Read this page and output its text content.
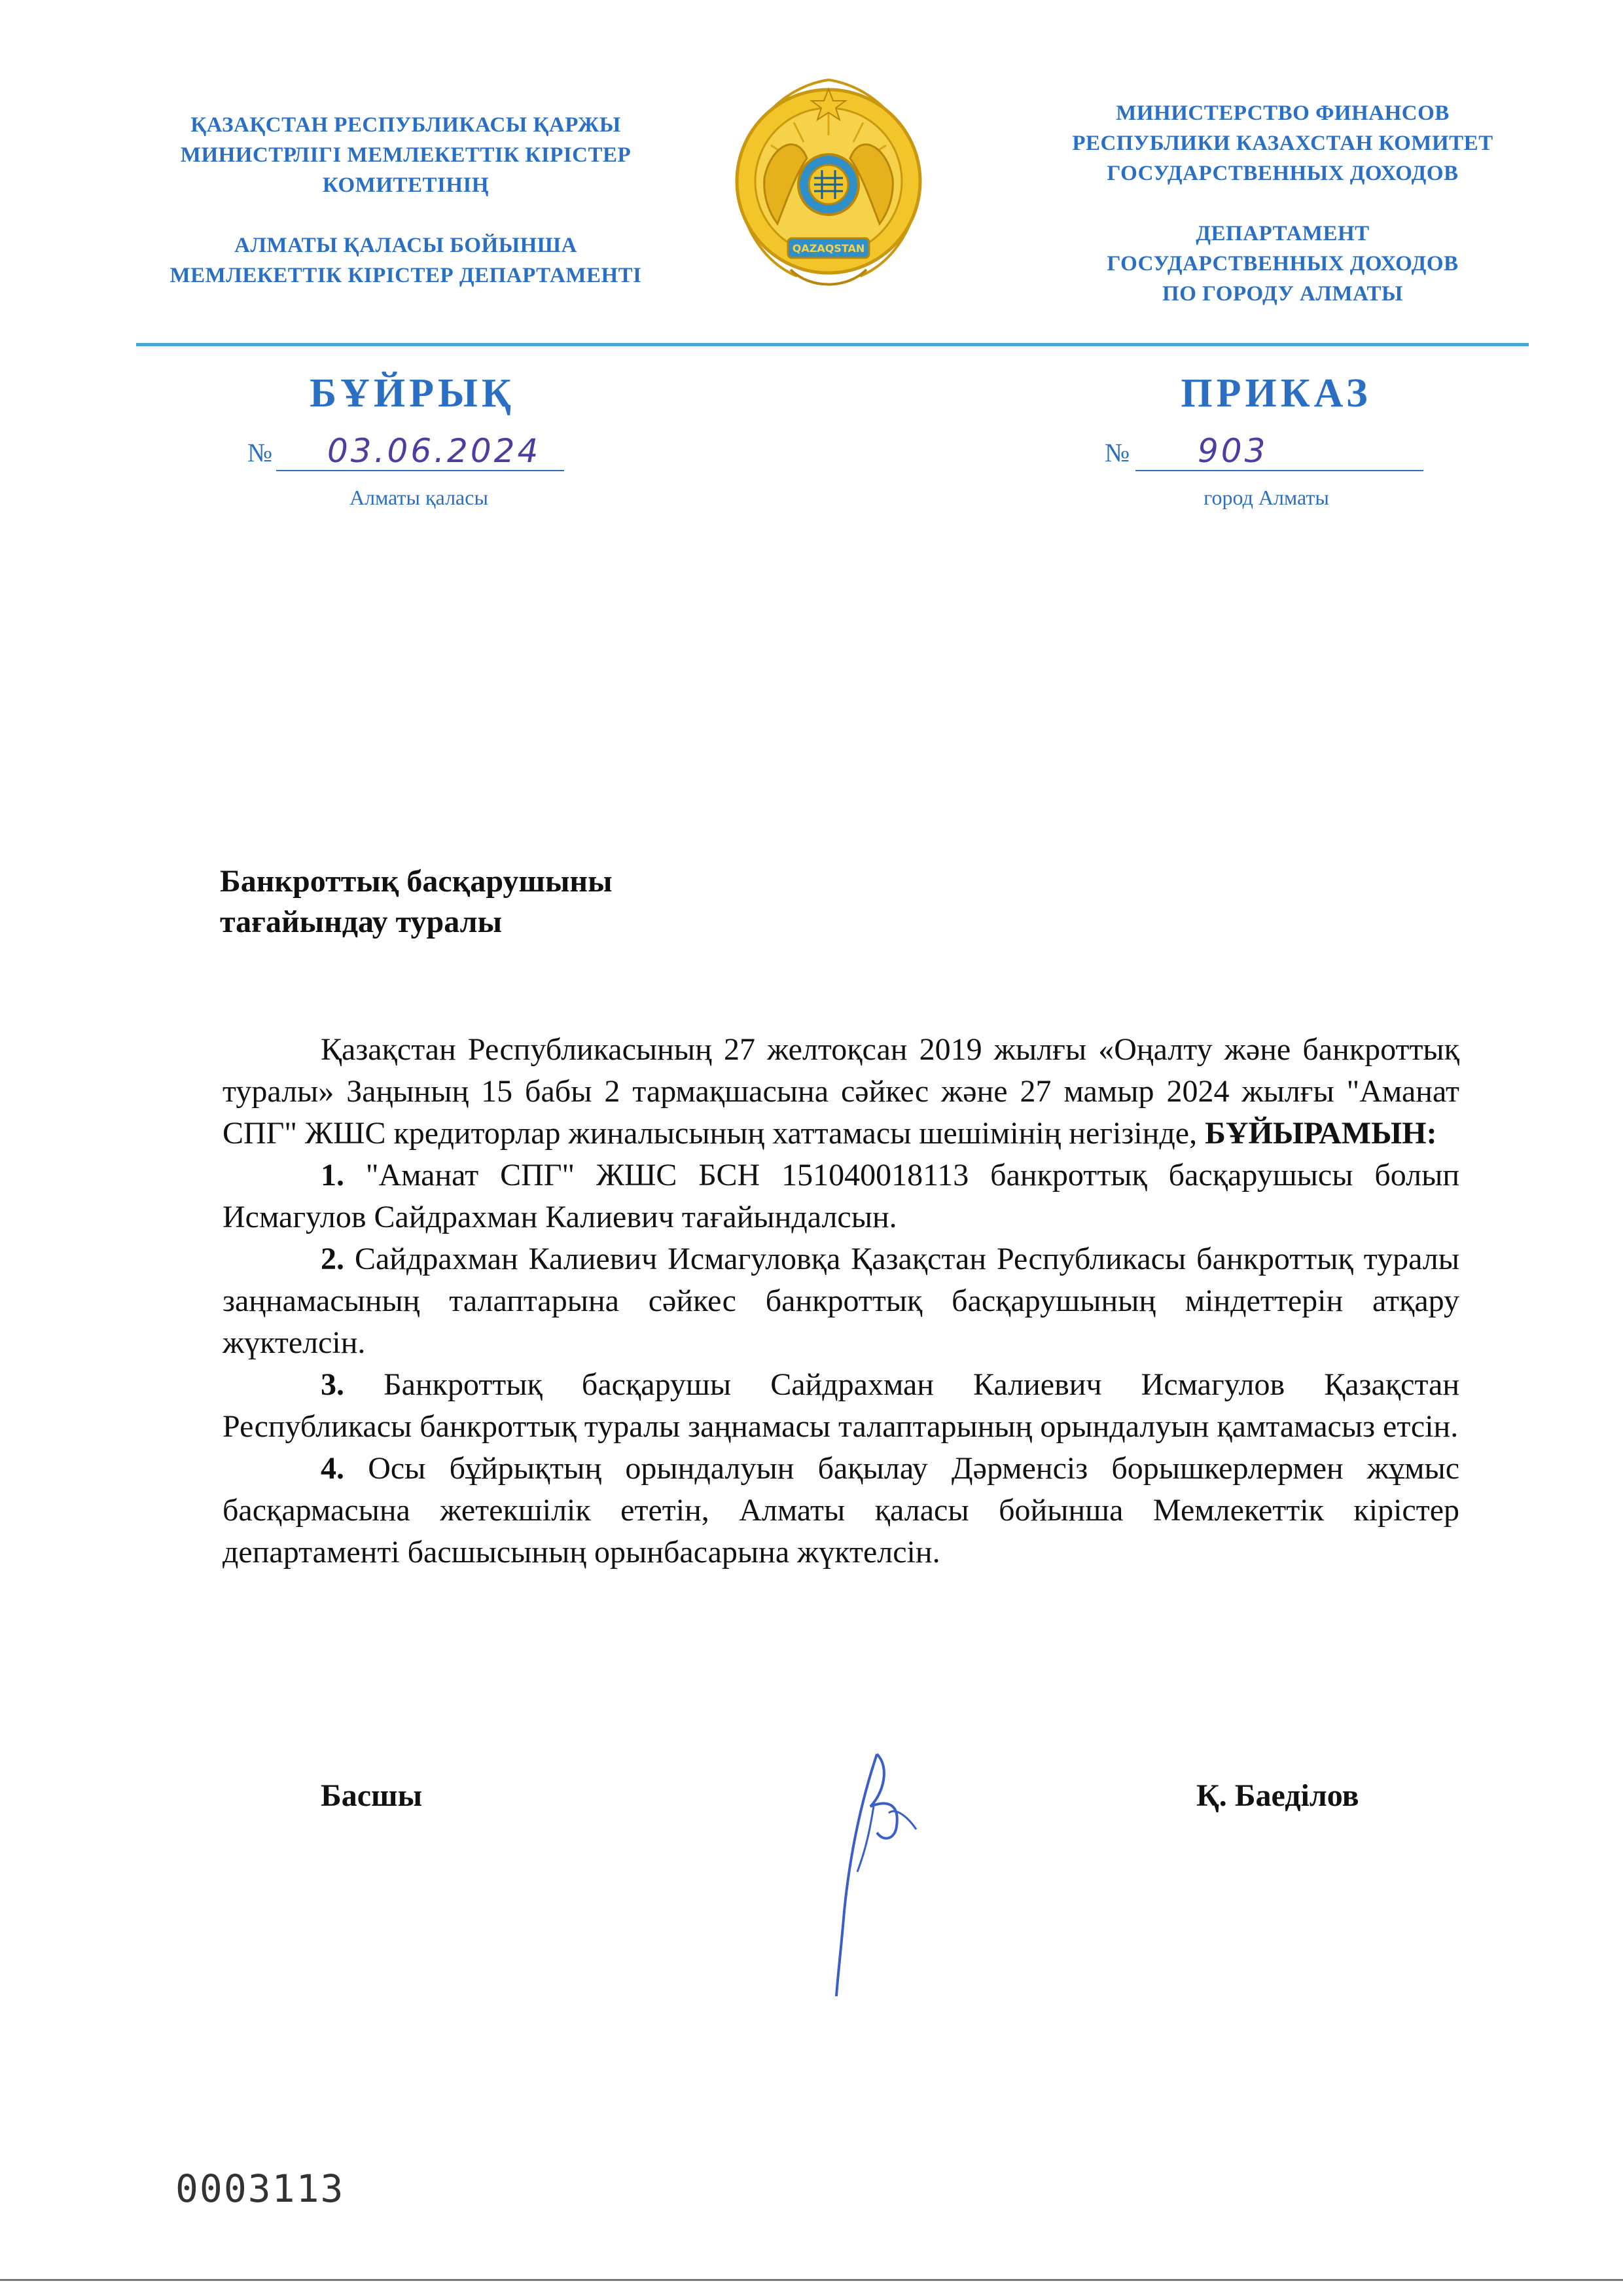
ҚАЗАҚСТАН РЕСПУБЛИКАСЫ ҚАРЖЫ
МИНИСТРЛІГІ МЕМЛЕКЕТТІК КІРІСТЕР
КОМИТЕТІНІҢ
АЛМАТЫ ҚАЛАСЫ БОЙЫНША
МЕМЛЕКЕТТІК КІРІСТЕР ДЕПАРТАМЕНТІ
QAZAQSTAN
МИНИСТЕРСТВО ФИНАНСОВ
РЕСПУБЛИКИ КАЗАХСТАН КОМИТЕТ
ГОСУДАРСТВЕННЫХ ДОХОДОВ
ДЕПАРТАМЕНТ
ГОСУДАРСТВЕННЫХ ДОХОДОВ
ПО ГОРОДУ АЛМАТЫ
БҰЙРЫҚ	ПРИКАЗ
№ 03.06.2024	№ 903
Алматы қаласы	город Алматы
Банкроттық басқарушыны
тағайындау туралы

Қазақстан Республикасының 27 желтоқсан 2019 жылғы «Оңалту және банкроттық туралы» Заңының 15 бабы 2 тармақшасына сәйкес және 27 мамыр 2024 жылғы "Аманат СПГ" ЖШС кредиторлар жиналысының хаттамасы шешімінің негізінде, БҰЙЫРАМЫН:

1. "Аманат СПГ" ЖШС БСН 151040018113 банкроттық басқарушысы болып Исмагулов Сайдрахман Калиевич тағайындалсын.

2. Сайдрахман Калиевич Исмагуловқа Қазақстан Республикасы банкроттық туралы заңнамасының талаптарына сәйкес банкроттық басқарушының міндеттерін атқару жүктелсін.

3. Банкроттық басқарушы Сайдрахман Калиевич Исмагулов Қазақстан Республикасы банкроттық туралы заңнамасы талаптарының орындалуын қамтамасыз етсін.

4. Осы бұйрықтың орындалуын бақылау Дәрменсіз борышкерлермен жұмыс басқармасына жетекшілік ететін, Алматы қаласы бойынша Мемлекеттік кірістер департаменті басшысының орынбасарына жүктелсін.

Басшы	Қ. Баеділов
0003113
